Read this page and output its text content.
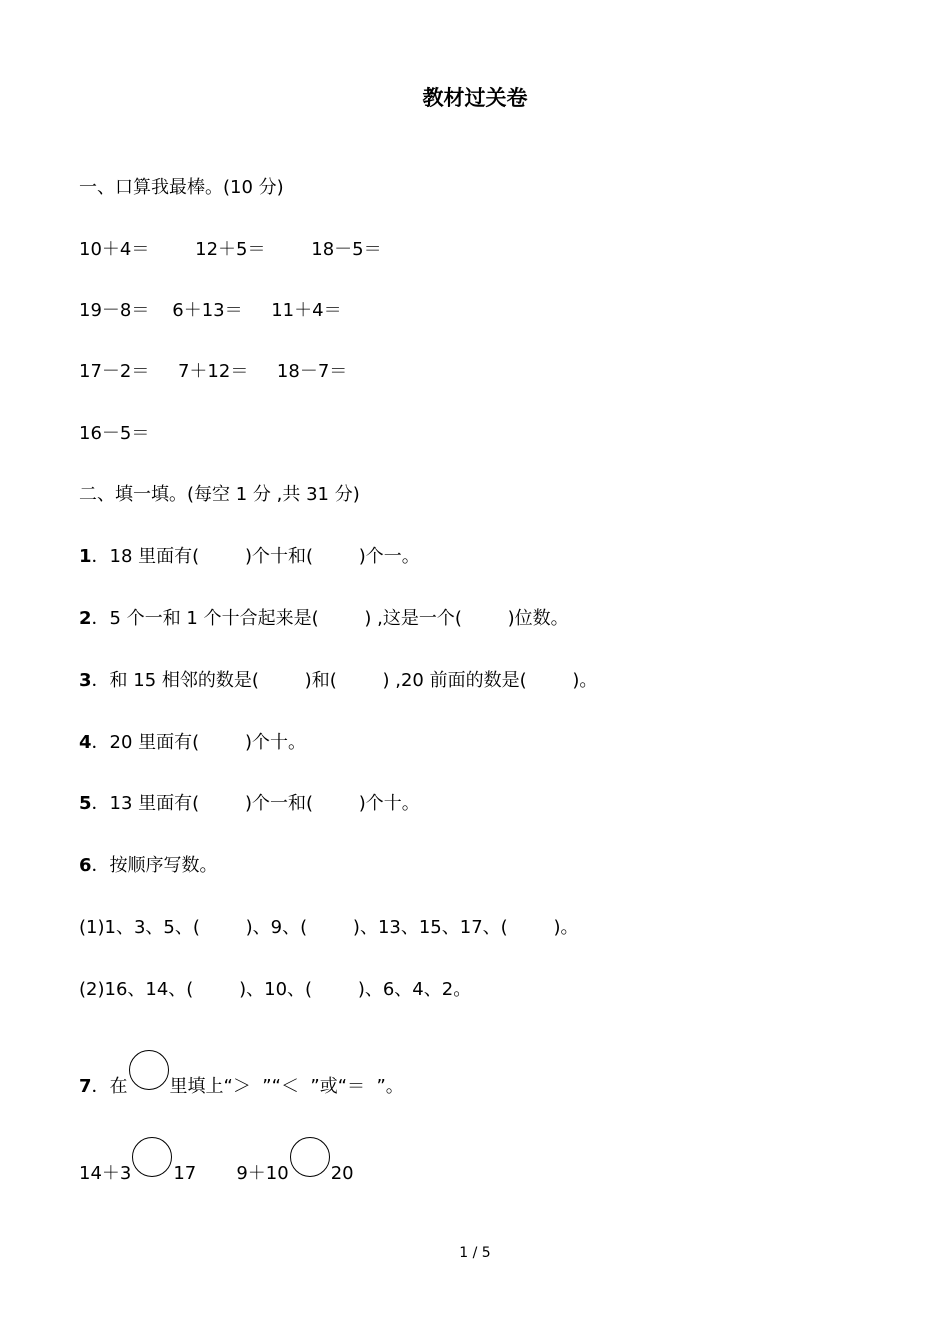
教材过关卷
一、口算我最棒。(10 分)
10＋4＝        12＋5＝        18－5＝
19－8＝    6＋13＝     11＋4＝
17－2＝     7＋12＝     18－7＝
16－5＝
二、填一填。(每空 1 分 ,共 31 分)
1．18 里面有(        )个十和(        )个一。
2．5 个一和 1 个十合起来是(        ) ,这是一个(        )位数。
3．和 15 相邻的数是(        )和(        ) ,20 前面的数是(        )。
4．20 里面有(        )个十。
5．13 里面有(        )个一和(        )个十。
6．按顺序写数。
(1)1、3、5、(        )、9、(        )、13、15、17、(        )。
(2)16、14、(        )、10、(        )、6、4、2。
7．在 里填上“＞  ”“＜  ”或“＝  ”。
14＋3 17 9＋10 20
1 / 5
